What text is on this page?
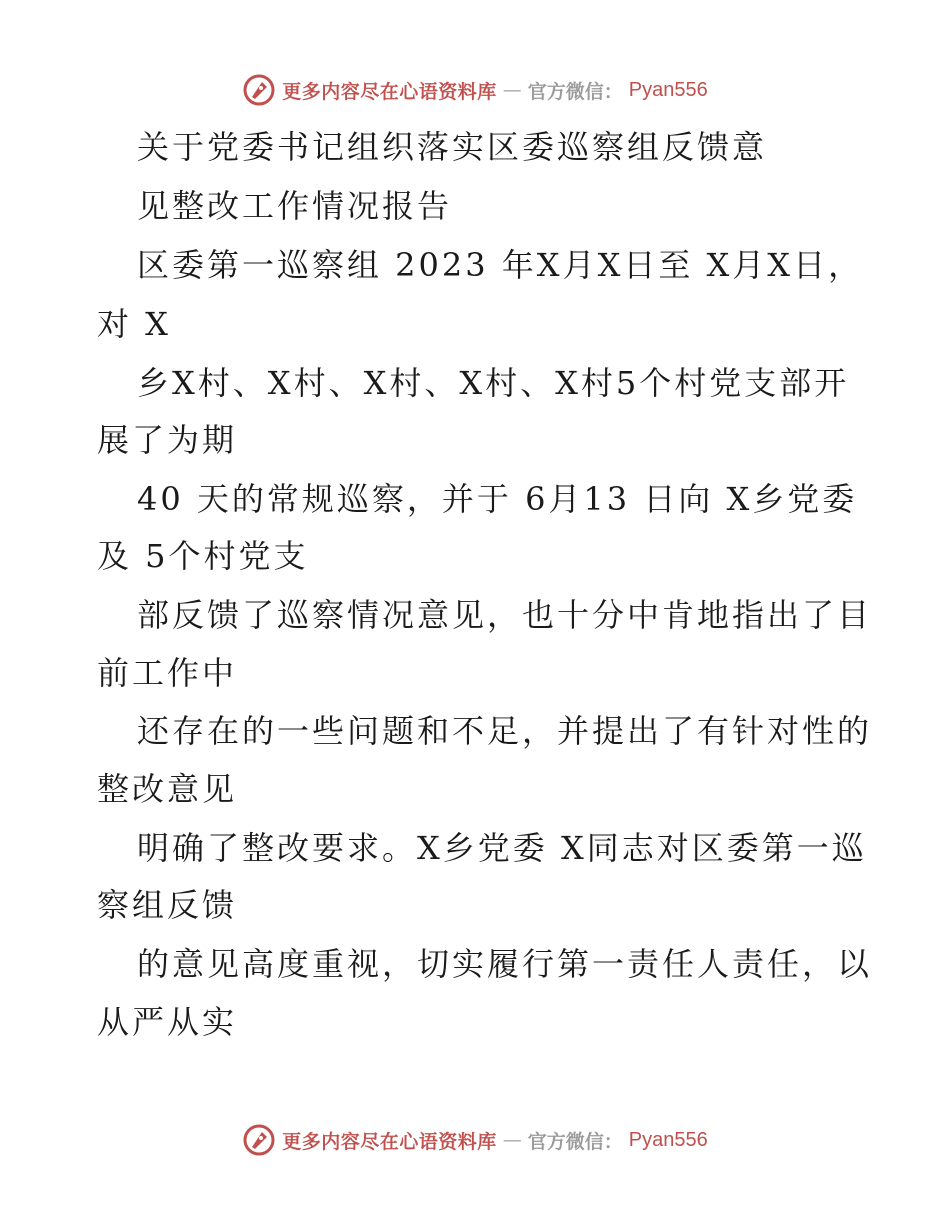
更多内容尽在心语资料库 — 官方微信： Pyan556
关于党委书记组织落实区委巡察组反馈意
见整改工作情况报告
区委第一巡察组 2023 年X月X日至 X月X日，
对 X
乡X村、X村、X村、X村、X村5个村党支部开
展了为期
40 天的常规巡察，并于 6月13 日向 X乡党委
及 5个村党支
部反馈了巡察情况意见，也十分中肯地指出了目
前工作中
还存在的一些问题和不足，并提出了有针对性的
整改意见
明确了整改要求。X乡党委 X同志对区委第一巡
察组反馈
的意见高度重视，切实履行第一责任人责任，以
从严从实
更多内容尽在心语资料库 — 官方微信： Pyan556
